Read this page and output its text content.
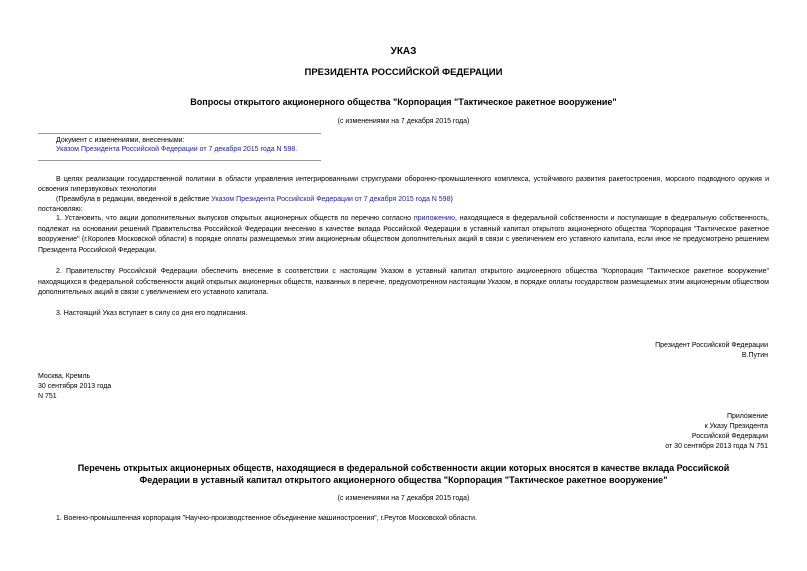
УКАЗ
ПРЕЗИДЕНТА РОССИЙСКОЙ ФЕДЕРАЦИИ
Вопросы открытого акционерного общества "Корпорация "Тактическое ракетное вооружение"
(с изменениями на 7 декабря 2015 года)
Документ с изменениями, внесенными:
Указом Президента Российской Федерации от 7 декабря 2015 года N 598.
В целях реализации государственной политики в области управления интегрированными структурами оборонно-промышленного комплекса, устойчивого развития ракетостроения, морского подводного оружия и освоения гиперзвуковых технологии
(Преамбула в редакции, введенной в действие Указом Президента Российской Федерации от 7 декабря 2015 года N 598)
постановляю:
1. Установить, что акции дополнительных выпусков открытых акционерных обществ по перечню согласно приложению, находящиеся в федеральной собственности и поступающие в федеральную собственность, подлежат на основании решений Правительства Российской Федерации внесению в качестве вклада Российской Федерации в уставный капитал открытого акционерного общества "Корпорация "Тактическое ракетное вооружение" (г.Королев Московской области) в порядке оплаты размещаемых этим акционерным обществом дополнительных акций в связи с увеличением его уставного капитала, если иное не предусмотрено решением Президента Российской Федерации.
2. Правительству Российской Федерации обеспечить внесение в соответствии с настоящим Указом в уставный капитал открытого акционерного общества "Корпорация "Тактическое ракетное вооружение" находящихся в федеральной собственности акций открытых акционерных обществ, названных в перечне, предусмотренном настоящим Указом, в порядке оплаты государством размещаемых этим акционерным обществом дополнительных акций в связи с увеличением его уставного капитала.
3. Настоящий Указ вступает в силу со дня его подписания.
Президент Российской Федерации
В.Путин
Москва, Кремль
30 сентября 2013 года
N 751
Приложение
к Указу Президента
Российской Федерации
от 30 сентября 2013 года N 751
Перечень открытых акционерных обществ, находящиеся в федеральной собственности акции которых вносятся в качестве вклада Российской Федерации в уставный капитал открытого акционерного общества "Корпорация "Тактическое ракетное вооружение"
(с изменениями на 7 декабря 2015 года)
1. Военно-промышленная корпорация "Научно-производственное объединение машиностроения", г.Реутов Московской области.
